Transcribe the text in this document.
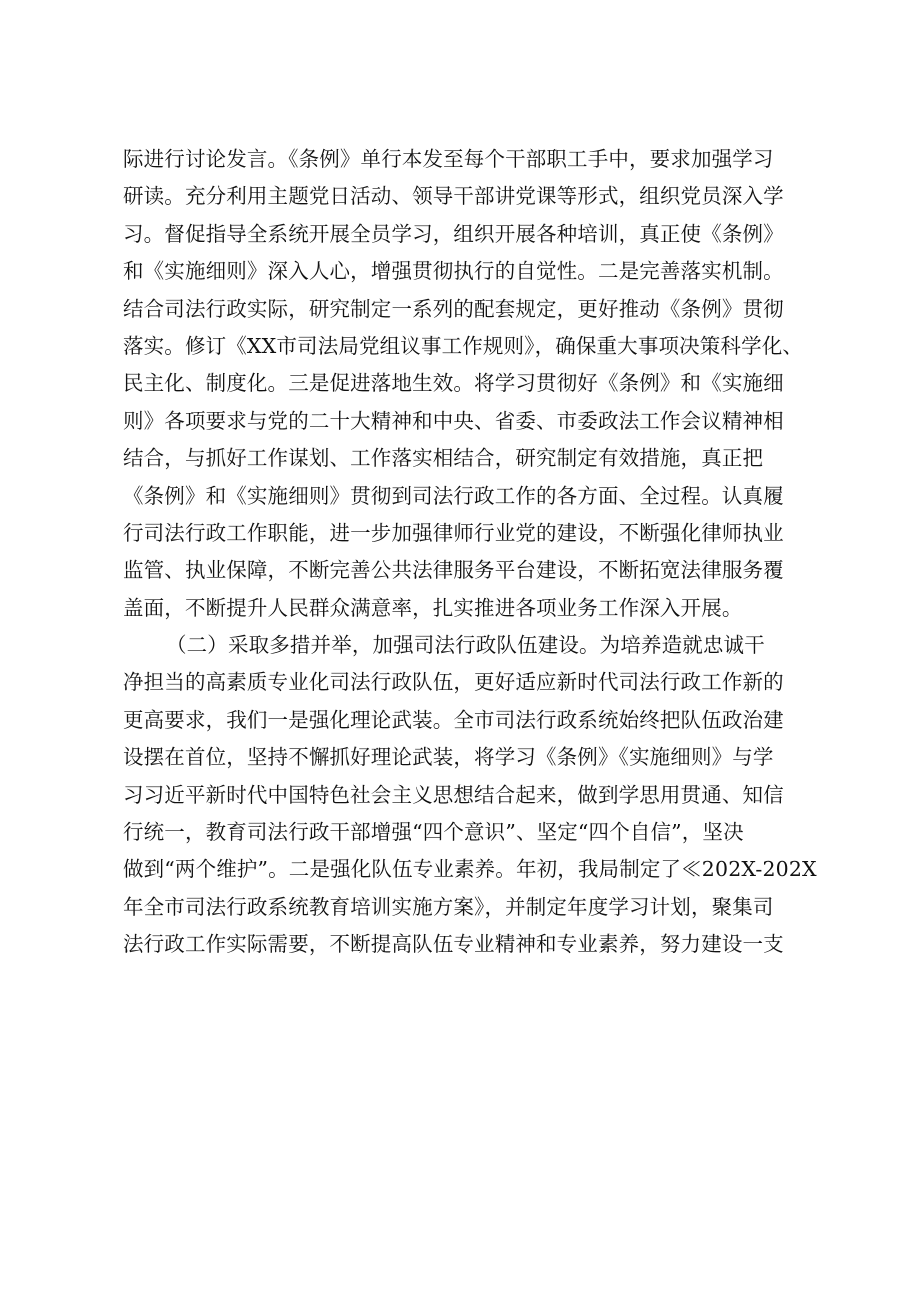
际进行讨论发言。《条例》单行本发至每个干部职工手中，要求加强学习
研读。充分利用主题党日活动、领导干部讲党课等形式，组织党员深入学
习。督促指导全系统开展全员学习，组织开展各种培训，真正使《条例》
和《实施细则》深入人心，增强贯彻执行的自觉性。二是完善落实机制。
结合司法行政实际，研究制定一系列的配套规定，更好推动《条例》贯彻
落实。修订《XX市司法局党组议事工作规则》，确保重大事项决策科学化、
民主化、制度化。三是促进落地生效。将学习贯彻好《条例》和《实施细
则》各项要求与党的二十大精神和中央、省委、市委政法工作会议精神相
结合，与抓好工作谋划、工作落实相结合，研究制定有效措施，真正把
《条例》和《实施细则》贯彻到司法行政工作的各方面、全过程。认真履
行司法行政工作职能，进一步加强律师行业党的建设，不断强化律师执业
监管、执业保障，不断完善公共法律服务平台建设，不断拓宽法律服务覆
盖面，不断提升人民群众满意率，扎实推进各项业务工作深入开展。
（二）采取多措并举，加强司法行政队伍建设。为培养造就忠诚干
净担当的高素质专业化司法行政队伍，更好适应新时代司法行政工作新的
更高要求，我们一是强化理论武装。全市司法行政系统始终把队伍政治建
设摆在首位，坚持不懈抓好理论武装，将学习《条例》《实施细则》与学
习习近平新时代中国特色社会主义思想结合起来，做到学思用贯通、知信
行统一，教育司法行政干部增强“四个意识”、坚定“四个自信”，坚决
做到“两个维护”。二是强化队伍专业素养。年初，我局制定了≪202X-202X
年全市司法行政系统教育培训实施方案》，并制定年度学习计划，聚集司
法行政工作实际需要，不断提高队伍专业精神和专业素养，努力建设一支
